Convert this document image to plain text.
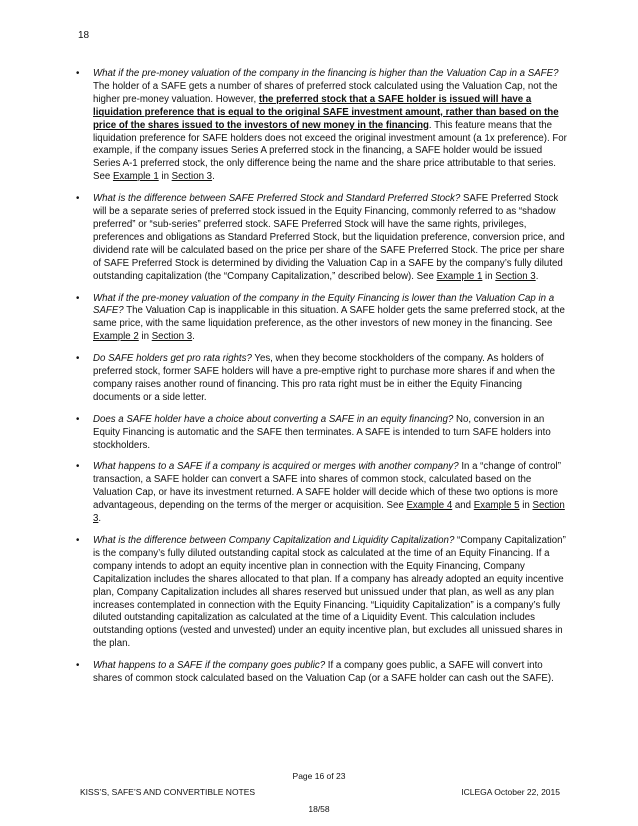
18
• What if the pre-money valuation of the company in the financing is higher than the Valuation Cap in a SAFE? The holder of a SAFE gets a number of shares of preferred stock calculated using the Valuation Cap, not the higher pre-money valuation. However, the preferred stock that a SAFE holder is issued will have a liquidation preference that is equal to the original SAFE investment amount, rather than based on the price of the shares issued to the investors of new money in the financing. This feature means that the liquidation preference for SAFE holders does not exceed the original investment amount (a 1x preference). For example, if the company issues Series A preferred stock in the financing, a SAFE holder would be issued Series A-1 preferred stock, the only difference being the name and the share price attributable to that series. See Example 1 in Section 3.
• What is the difference between SAFE Preferred Stock and Standard Preferred Stock? SAFE Preferred Stock will be a separate series of preferred stock issued in the Equity Financing, commonly referred to as “shadow preferred” or “sub-series” preferred stock. SAFE Preferred Stock will have the same rights, privileges, preferences and obligations as Standard Preferred Stock, but the liquidation preference, conversion price, and dividend rate will be calculated based on the price per share of the SAFE Preferred Stock. The price per share of SAFE Preferred Stock is determined by dividing the Valuation Cap in a SAFE by the company’s fully diluted outstanding capitalization (the “Company Capitalization,” described below). See Example 1 in Section 3.
• What if the pre-money valuation of the company in the Equity Financing is lower than the Valuation Cap in a SAFE? The Valuation Cap is inapplicable in this situation. A SAFE holder gets the same preferred stock, at the same price, with the same liquidation preference, as the other investors of new money in the financing. See Example 2 in Section 3.
• Do SAFE holders get pro rata rights? Yes, when they become stockholders of the company. As holders of preferred stock, former SAFE holders will have a pre-emptive right to purchase more shares if and when the company raises another round of financing. This pro rata right must be in either the Equity Financing documents or a side letter.
• Does a SAFE holder have a choice about converting a SAFE in an equity financing? No, conversion in an Equity Financing is automatic and the SAFE then terminates. A SAFE is intended to turn SAFE holders into stockholders.
• What happens to a SAFE if a company is acquired or merges with another company? In a “change of control” transaction, a SAFE holder can convert a SAFE into shares of common stock, calculated based on the Valuation Cap, or have its investment returned. A SAFE holder will decide which of these two options is more advantageous, depending on the terms of the merger or acquisition. See Example 4 and Example 5 in Section 3.
• What is the difference between Company Capitalization and Liquidity Capitalization? “Company Capitalization” is the company’s fully diluted outstanding capital stock as calculated at the time of an Equity Financing. If a company intends to adopt an equity incentive plan in connection with the Equity Financing, Company Capitalization includes the shares allocated to that plan. If a company has already adopted an equity incentive plan, Company Capitalization includes all shares reserved but unissued under that plan, as well as any plan increases contemplated in connection with the Equity Financing. “Liquidity Capitalization” is a company’s fully diluted outstanding capitalization as calculated at the time of a Liquidity Event. This calculation includes outstanding options (vested and unvested) under an equity incentive plan, but excludes all unissued shares in the plan.
• What happens to a SAFE if the company goes public? If a company goes public, a SAFE will convert into shares of common stock calculated based on the Valuation Cap (or a SAFE holder can cash out the SAFE).
Page 16 of 23
KISS’S, SAFE’S AND CONVERTIBLE NOTES	ICLEGA October 22, 2015
18/58
